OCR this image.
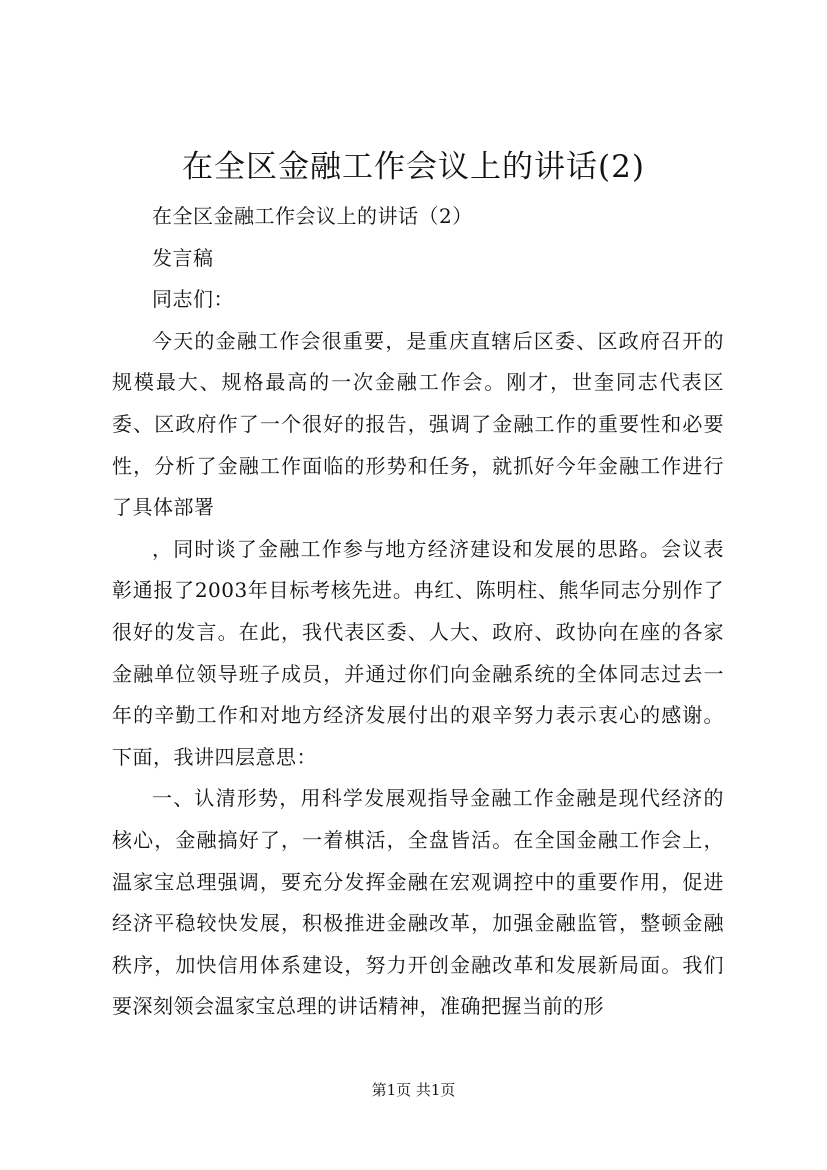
在全区金融工作会议上的讲话(2)

在全区金融工作会议上的讲话（2）

发言稿

同志们：

今天的金融工作会很重要，是重庆直辖后区委、区政府召开的规模最大、规格最高的一次金融工作会。刚才，世奎同志代表区委、区政府作了一个很好的报告，强调了金融工作的重要性和必要性，分析了金融工作面临的形势和任务，就抓好今年金融工作进行了具体部署

，同时谈了金融工作参与地方经济建设和发展的思路。会议表彰通报了2003年目标考核先进。冉红、陈明柱、熊华同志分别作了很好的发言。在此，我代表区委、人大、政府、政协向在座的各家金融单位领导班子成员，并通过你们向金融系统的全体同志过去一年的辛勤工作和对地方经济发展付出的艰辛努力表示衷心的感谢。下面，我讲四层意思：

一、认清形势，用科学发展观指导金融工作金融是现代经济的核心，金融搞好了，一着棋活，全盘皆活。在全国金融工作会上，温家宝总理强调，要充分发挥金融在宏观调控中的重要作用，促进经济平稳较快发展，积极推进金融改革，加强金融监管，整顿金融秩序，加快信用体系建设，努力开创金融改革和发展新局面。我们要深刻领会温家宝总理的讲话精神，准确把握当前的形

第1页 共1页
